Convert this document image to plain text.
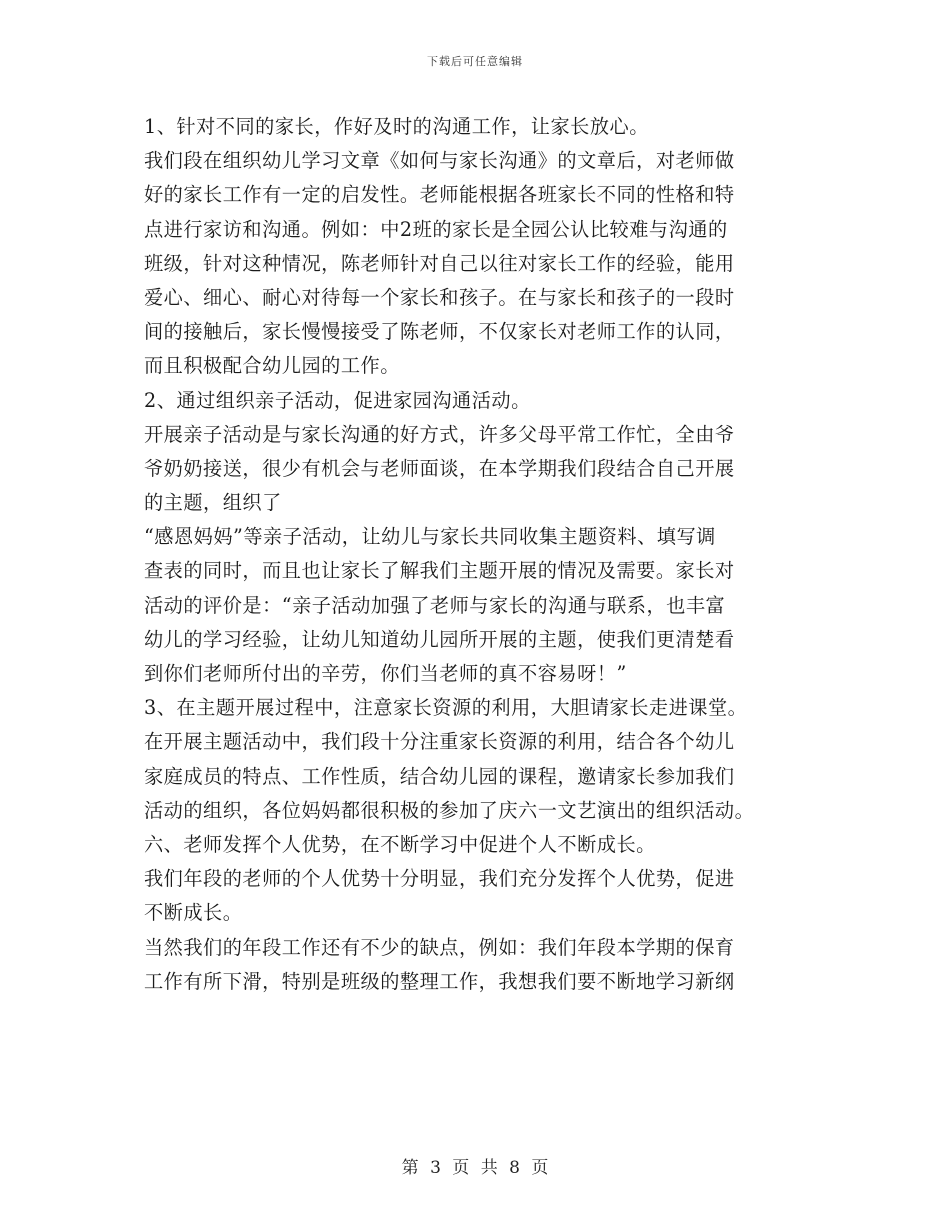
下载后可任意编辑
1、针对不同的家长，作好及时的沟通工作，让家长放心。
我们段在组织幼儿学习文章《如何与家长沟通》的文章后，对老师做
好的家长工作有一定的启发性。老师能根据各班家长不同的性格和特
点进行家访和沟通。例如：中2班的家长是全园公认比较难与沟通的
班级，针对这种情况，陈老师针对自己以往对家长工作的经验，能用
爱心、细心、耐心对待每一个家长和孩子。在与家长和孩子的一段时
间的接触后，家长慢慢接受了陈老师，不仅家长对老师工作的认同，
而且积极配合幼儿园的工作。
2、通过组织亲子活动，促进家园沟通活动。
开展亲子活动是与家长沟通的好方式，许多父母平常工作忙，全由爷
爷奶奶接送，很少有机会与老师面谈，在本学期我们段结合自己开展
的主题，组织了
“感恩妈妈”等亲子活动，让幼儿与家长共同收集主题资料、填写调
查表的同时，而且也让家长了解我们主题开展的情况及需要。家长对
活动的评价是：“亲子活动加强了老师与家长的沟通与联系，也丰富
幼儿的学习经验，让幼儿知道幼儿园所开展的主题，使我们更清楚看
到你们老师所付出的辛劳，你们当老师的真不容易呀！”
3、在主题开展过程中，注意家长资源的利用，大胆请家长走进课堂。
在开展主题活动中，我们段十分注重家长资源的利用，结合各个幼儿
家庭成员的特点、工作性质，结合幼儿园的课程，邀请家长参加我们
活动的组织，各位妈妈都很积极的参加了庆六一文艺演出的组织活动。
六、老师发挥个人优势，在不断学习中促进个人不断成长。
我们年段的老师的个人优势十分明显，我们充分发挥个人优势，促进
不断成长。
当然我们的年段工作还有不少的缺点，例如：我们年段本学期的保育
工作有所下滑，特别是班级的整理工作，我想我们要不断地学习新纲
第 3 页 共 8 页
